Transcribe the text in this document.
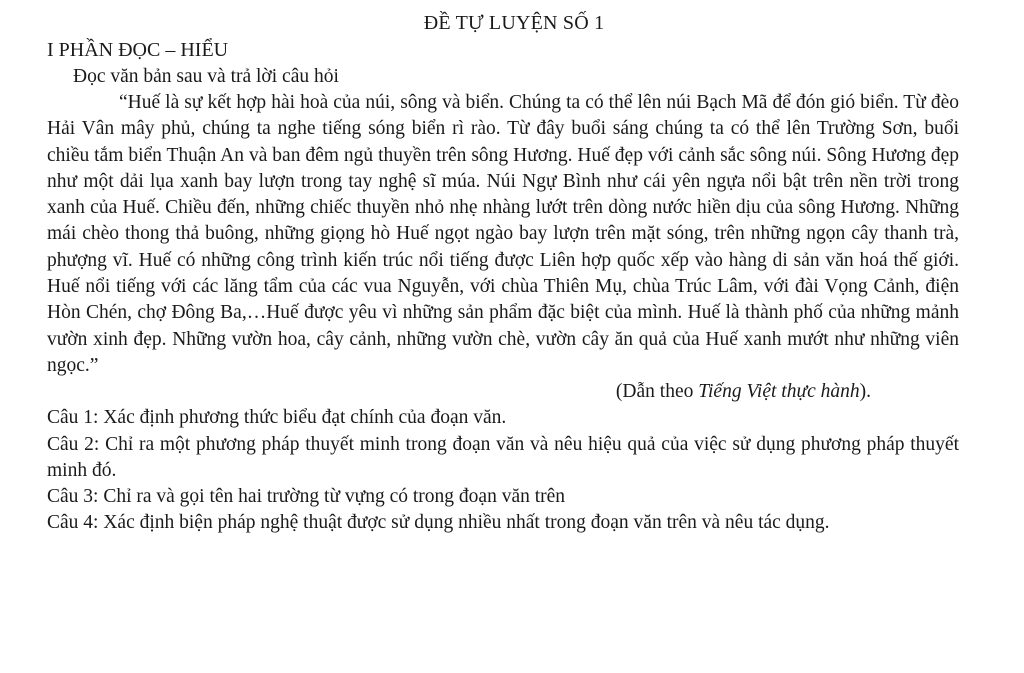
ĐỀ TỰ LUYỆN SỐ 1
I PHẦN ĐỌC – HIỂU
Đọc văn bản sau và trả lời câu hỏi

“Huế là sự kết hợp hài hoà của núi, sông và biển. Chúng ta có thể lên núi Bạch Mã để đón gió biển. Từ đèo Hải Vân mây phủ, chúng ta nghe tiếng sóng biển rì rào. Từ đây buổi sáng chúng ta có thể lên Trường Sơn, buổi chiều tắm biển Thuận An và ban đêm ngủ thuyền trên sông Hương. Huế đẹp với cảnh sắc sông núi. Sông Hương đẹp như một dải lụa xanh bay lượn trong tay nghệ sĩ múa. Núi Ngự Bình như cái yên ngựa nổi bật trên nền trời trong xanh của Huế. Chiều đến, những chiếc thuyền nhỏ nhẹ nhàng lướt trên dòng nước hiền dịu của sông Hương. Những mái chèo thong thả buông, những giọng hò Huế ngọt ngào bay lượn trên mặt sóng, trên những ngọn cây thanh trà, phượng vĩ. Huế có những công trình kiến trúc nổi tiếng được Liên hợp quốc xếp vào hàng di sản văn hoá thế giới. Huế nổi tiếng với các lăng tẩm của các vua Nguyễn, với chùa Thiên Mụ, chùa Trúc Lâm, với đài Vọng Cảnh, điện Hòn Chén, chợ Đông Ba,…Huế được yêu vì những sản phẩm đặc biệt của mình. Huế là thành phố của những mảnh vườn xinh đẹp. Những vườn hoa, cây cảnh, những vườn chè, vườn cây ăn quả của Huế xanh mướt như những viên ngọc.”

(Dẫn theo Tiếng Việt thực hành).

Câu 1: Xác định phương thức biểu đạt chính của đoạn văn.

Câu 2: Chỉ ra một phương pháp thuyết minh trong đoạn văn và nêu hiệu quả của việc sử dụng phương pháp thuyết minh đó.

Câu 3: Chỉ ra và gọi tên hai trường từ vựng có trong đoạn văn trên

Câu 4: Xác định biện pháp nghệ thuật được sử dụng nhiều nhất trong đoạn văn trên và nêu tác dụng.
